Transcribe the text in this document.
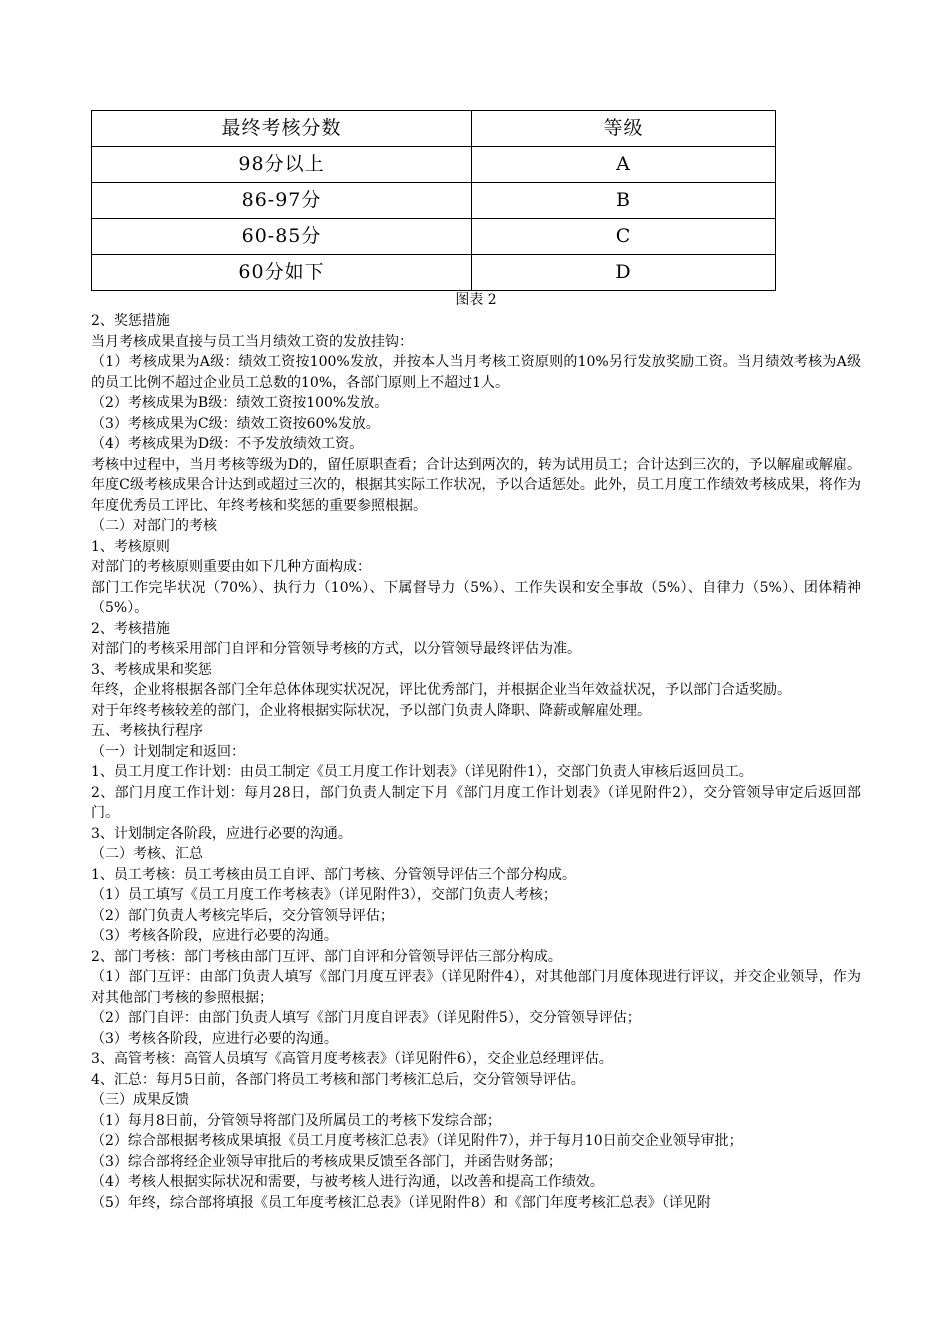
最终考核分数	等级
98分以上	A
86-97分	B
60-85分	C
60分如下	D
图表 2

2、奖惩措施

当月考核成果直接与员工当月绩效工资的发放挂钩：

（1）考核成果为A级：绩效工资按100%发放，并按本人当月考核工资原则的10%另行发放奖励工资。当月绩效考核为A级的员工比例不超过企业员工总数的10%，各部门原则上不超过1人。

（2）考核成果为B级：绩效工资按100%发放。

（3）考核成果为C级：绩效工资按60%发放。

（4）考核成果为D级：不予发放绩效工资。

考核中过程中，当月考核等级为D的，留任原职查看；合计达到两次的，转为试用员工；合计达到三次的，予以解雇或解雇。年度C级考核成果合计达到或超过三次的，根据其实际工作状况，予以合适惩处。此外，员工月度工作绩效考核成果，将作为年度优秀员工评比、年终考核和奖惩的重要参照根据。

（二）对部门的考核

1、考核原则

对部门的考核原则重要由如下几种方面构成：

部门工作完毕状况（70%）、执行力（10%）、下属督导力（5%）、工作失误和安全事故（5%）、自律力（5%）、团体精神（5%）。

2、考核措施

对部门的考核采用部门自评和分管领导考核的方式，以分管领导最终评估为准。

3、考核成果和奖惩

年终，企业将根据各部门全年总体体现实状况况，评比优秀部门，并根据企业当年效益状况，予以部门合适奖励。

对于年终考核较差的部门，企业将根据实际状况，予以部门负责人降职、降薪或解雇处理。

五、考核执行程序

（一）计划制定和返回：

1、员工月度工作计划：由员工制定《员工月度工作计划表》（详见附件1），交部门负责人审核后返回员工。

2、部门月度工作计划：每月28日，部门负责人制定下月《部门月度工作计划表》（详见附件2），交分管领导审定后返回部门。

3、计划制定各阶段，应进行必要的沟通。

（二）考核、汇总

1、员工考核：员工考核由员工自评、部门考核、分管领导评估三个部分构成。

（1）员工填写《员工月度工作考核表》（详见附件3），交部门负责人考核；

（2）部门负责人考核完毕后，交分管领导评估；

（3）考核各阶段，应进行必要的沟通。

2、部门考核：部门考核由部门互评、部门自评和分管领导评估三部分构成。

（1）部门互评：由部门负责人填写《部门月度互评表》（详见附件4），对其他部门月度体现进行评议，并交企业领导，作为对其他部门考核的参照根据；

（2）部门自评：由部门负责人填写《部门月度自评表》（详见附件5），交分管领导评估；

（3）考核各阶段，应进行必要的沟通。

3、高管考核：高管人员填写《高管月度考核表》（详见附件6），交企业总经理评估。

4、汇总：每月5日前，各部门将员工考核和部门考核汇总后，交分管领导评估。

（三）成果反馈

（1）每月8日前，分管领导将部门及所属员工的考核下发综合部；

（2）综合部根据考核成果填报《员工月度考核汇总表》（详见附件7），并于每月10日前交企业领导审批；

（3）综合部将经企业领导审批后的考核成果反馈至各部门，并函告财务部；

（4）考核人根据实际状况和需要，与被考核人进行沟通，以改善和提高工作绩效。

（5）年终，综合部将填报《员工年度考核汇总表》（详见附件8）和《部门年度考核汇总表》（详见附
